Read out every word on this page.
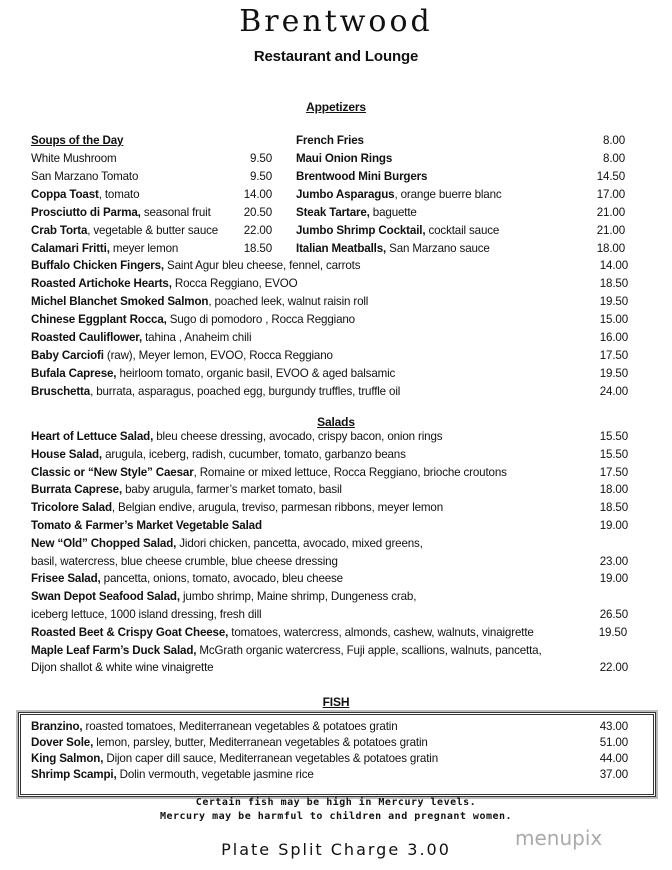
Brentwood
Restaurant and Lounge
Appetizers
Soups of the Day
Salads
FISH
White Mushroom	9.50
San Marzano Tomato	9.50
Coppa Toast, tomato	14.00
Prosciutto di Parma, seasonal fruit	20.50
Crab Torta, vegetable & butter sauce	22.00
Calamari Fritti, meyer lemon	18.50
French Fries	8.00
Maui Onion Rings	8.00
Brentwood Mini Burgers	14.50
Jumbo Asparagus, orange buerre blanc	17.00
Steak Tartare, baguette	21.00
Jumbo Shrimp Cocktail, cocktail sauce	21.00
Italian Meatballs, San Marzano sauce	18.00
Buffalo Chicken Fingers, Saint Agur bleu cheese, fennel, carrots	14.00
Roasted Artichoke Hearts, Rocca Reggiano, EVOO	18.50
Michel Blanchet Smoked Salmon, poached leek, walnut raisin roll	19.50
Chinese Eggplant Rocca, Sugo di pomodoro , Rocca Reggiano	15.00
Roasted Cauliflower, tahina , Anaheim chili	16.00
Baby Carciofi (raw), Meyer lemon, EVOO, Rocca Reggiano	17.50
Bufala Caprese, heirloom tomato, organic basil, EVOO & aged balsamic	19.50
Bruschetta, burrata, asparagus, poached egg, burgundy truffles, truffle oil	24.00
Heart of Lettuce Salad, bleu cheese dressing, avocado, crispy bacon, onion rings	15.50
House Salad, arugula, iceberg, radish, cucumber, tomato, garbanzo beans	15.50
Classic or “New Style” Caesar, Romaine or mixed lettuce, Rocca Reggiano, brioche croutons	17.50
Burrata Caprese, baby arugula, farmer’s market tomato, basil	18.00
Tricolore Salad, Belgian endive, arugula, treviso, parmesan ribbons, meyer lemon	18.50
Tomato & Farmer’s Market Vegetable Salad	19.00
New “Old” Chopped Salad, Jidori chicken, pancetta, avocado, mixed greens,
basil, watercress, blue cheese crumble, blue cheese dressing	23.00
Frisee Salad, pancetta, onions, tomato, avocado, bleu cheese	19.00
Swan Depot Seafood Salad, jumbo shrimp, Maine shrimp, Dungeness crab,
iceberg lettuce, 1000 island dressing, fresh dill	26.50
Roasted Beet & Crispy Goat Cheese, tomatoes, watercress, almonds, cashew, walnuts, vinaigrette	19.50
Maple Leaf Farm’s Duck Salad, McGrath organic watercress, Fuji apple, scallions, walnuts, pancetta,
Dijon shallot & white wine vinaigrette	22.00
Branzino, roasted tomatoes, Mediterranean vegetables & potatoes gratin	43.00
Dover Sole, lemon, parsley, butter, Mediterranean vegetables & potatoes gratin	51.00
King Salmon, Dijon caper dill sauce, Mediterranean vegetables & potatoes gratin	44.00
Shrimp Scampi, Dolin vermouth, vegetable jasmine rice	37.00
Certain fish may be high in Mercury levels.
Mercury may be harmful to children and pregnant women.
Plate Split Charge 3.00	menupix
